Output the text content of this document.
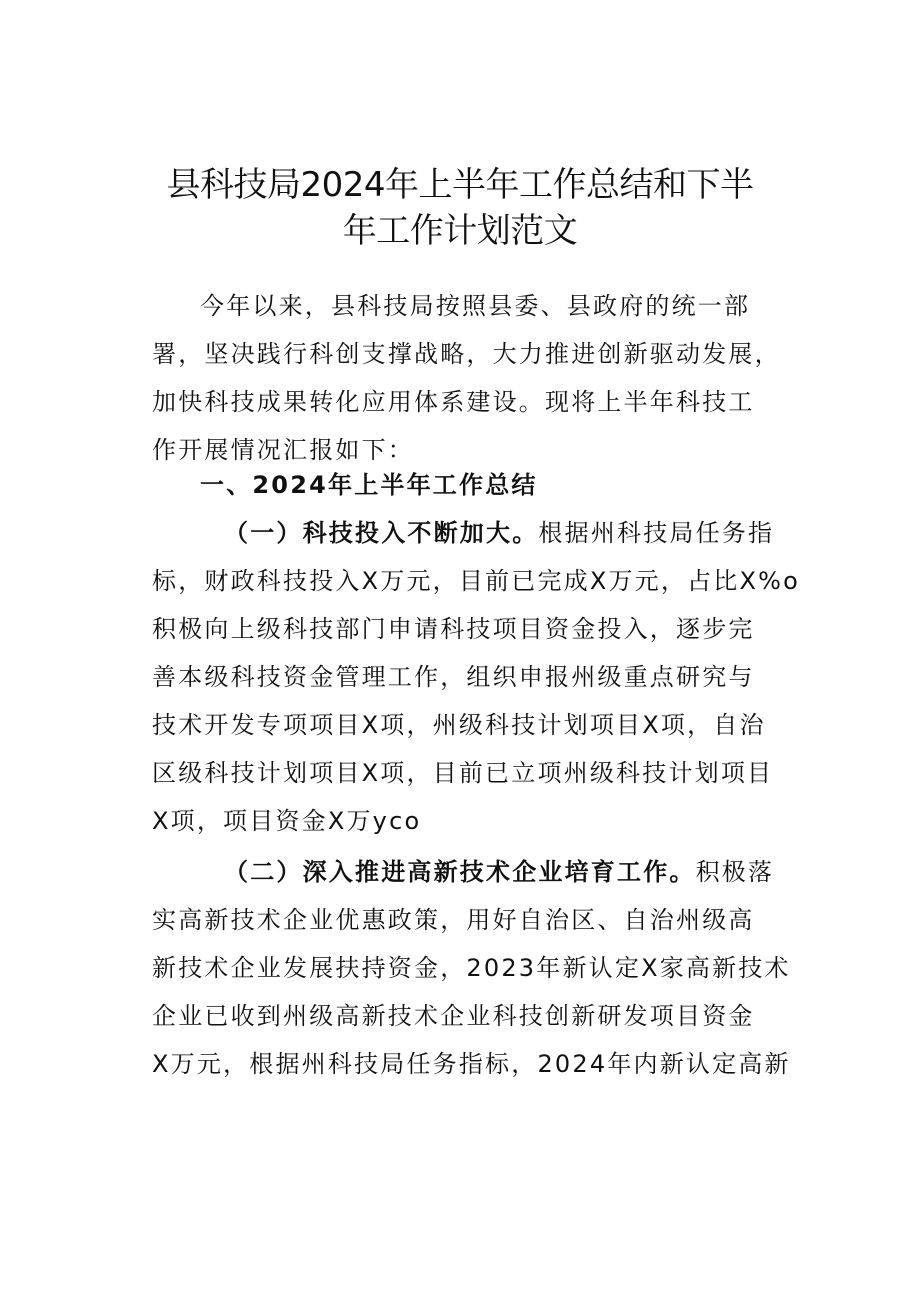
县科技局2024年上半年工作总结和下半
年工作计划范文
今年以来，县科技局按照县委、县政府的统一部
署，坚决践行科创支撑战略，大力推进创新驱动发展，
加快科技成果转化应用体系建设。现将上半年科技工
作开展情况汇报如下：
一、2024年上半年工作总结
（一）科技投入不断加大。根据州科技局任务指
标，财政科技投入X万元，目前已完成X万元，占比X%o
积极向上级科技部门申请科技项目资金投入，逐步完
善本级科技资金管理工作，组织申报州级重点研究与
技术开发专项项目X项，州级科技计划项目X项，自治
区级科技计划项目X项，目前已立项州级科技计划项目
X项，项目资金X万yco
（二）深入推进高新技术企业培育工作。积极落
实高新技术企业优惠政策，用好自治区、自治州级高
新技术企业发展扶持资金，2023年新认定X家高新技术
企业已收到州级高新技术企业科技创新研发项目资金
X万元，根据州科技局任务指标，2024年内新认定高新
